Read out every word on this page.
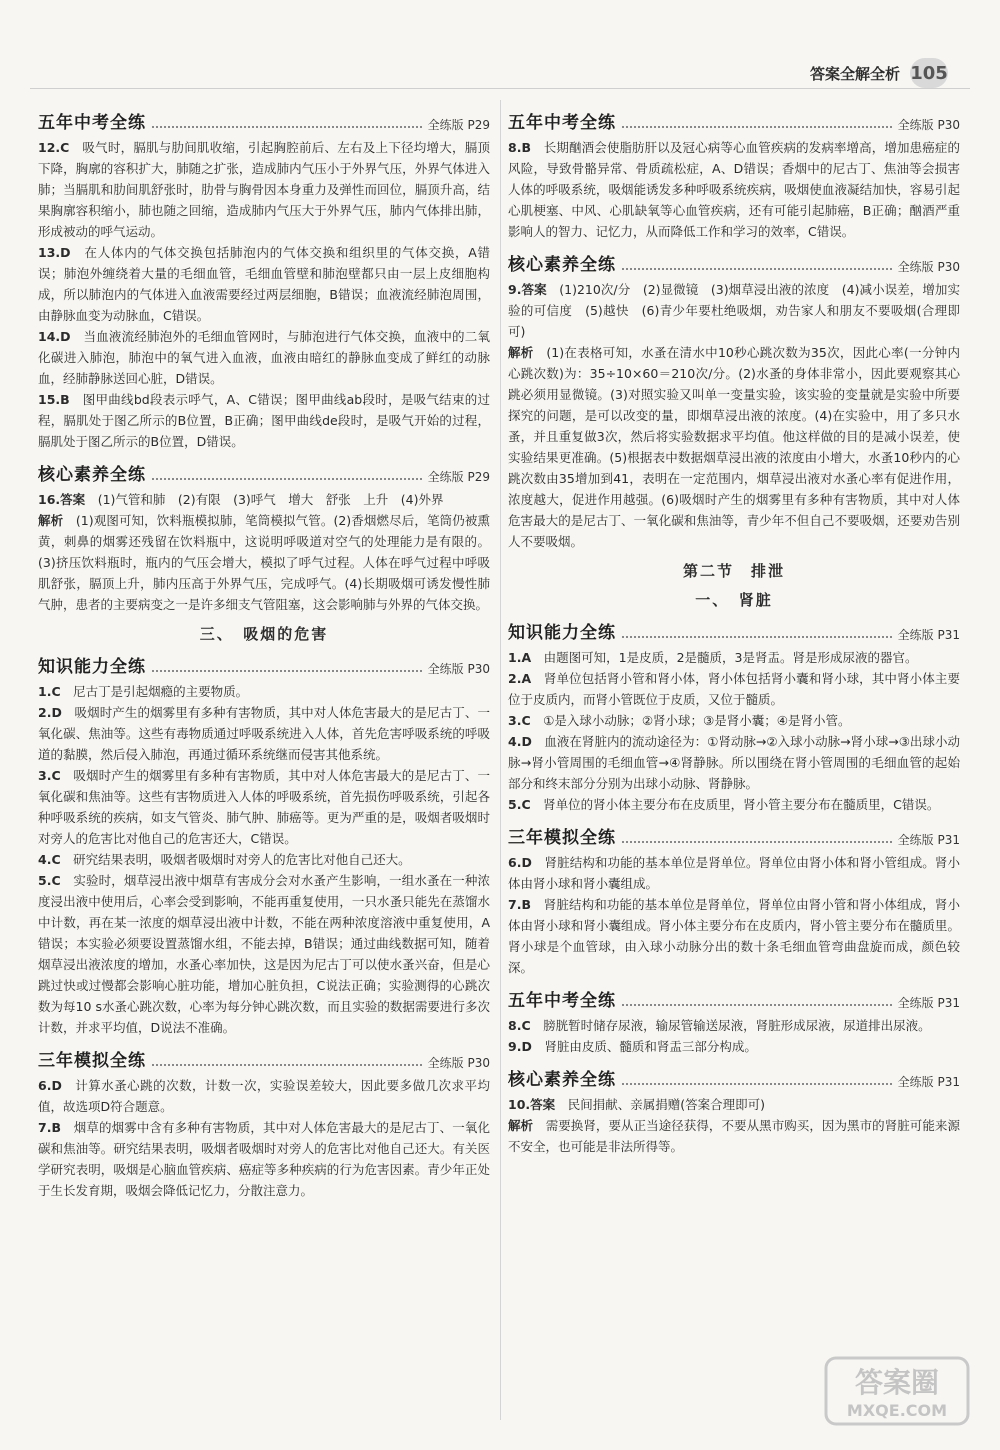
答案全解全析 105
五年中考全练	全练版 P29

12.C　 吸气时，膈肌与肋间肌收缩，引起胸腔前后、左右及上下径均增大，膈顶下降，胸廓的容积扩大，肺随之扩张，造成肺内气压小于外界气压，外界气体进入肺；当膈肌和肋间肌舒张时，肋骨与胸骨因本身重力及弹性而回位，膈顶升高，结果胸廓容积缩小，肺也随之回缩，造成肺内气压大于外界气压，肺内气体排出肺，形成被动的呼气运动。

13.D　 在人体内的气体交换包括肺泡内的气体交换和组织里的气体交换，A错误；肺泡外缠绕着大量的毛细血管，毛细血管壁和肺泡壁都只由一层上皮细胞构成，所以肺泡内的气体进入血液需要经过两层细胞，B错误；血液流经肺泡周围，由静脉血变为动脉血，C错误。

14.D　 当血液流经肺泡外的毛细血管网时，与肺泡进行气体交换，血液中的二氧化碳进入肺泡，肺泡中的氧气进入血液，血液由暗红的静脉血变成了鲜红的动脉血，经肺静脉送回心脏，D错误。

15.B　 图甲曲线bd段表示呼气，A、C错误；图甲曲线ab段时，是吸气结束的过程，膈肌处于图乙所示的B位置，B正确；图甲曲线de段时，是吸气开始的过程，膈肌处于图乙所示的B位置，D错误。

核心素养全练	全练版 P29

16.答案　 (1)气管和肺　(2)有限　(3)呼气　增大　舒张　上升　(4)外界

解析　 (1)观图可知，饮料瓶模拟肺，笔筒模拟气管。(2)香烟燃尽后，笔筒仍被熏黄，刺鼻的烟雾还残留在饮料瓶中，这说明呼吸道对空气的处理能力是有限的。(3)挤压饮料瓶时，瓶内的气压会增大，模拟了呼气过程。人体在呼气过程中呼吸肌舒张，膈顶上升，肺内压高于外界气压，完成呼气。(4)长期吸烟可诱发慢性肺气肿，患者的主要病变之一是许多细支气管阻塞，这会影响肺与外界的气体交换。

三、　吸烟的危害
知识能力全练	全练版 P30

1.C　 尼古丁是引起烟瘾的主要物质。

2.D　 吸烟时产生的烟雾里有多种有害物质，其中对人体危害最大的是尼古丁、一氧化碳、焦油等。这些有毒物质通过呼吸系统进入人体，首先危害呼吸系统的呼吸道的黏膜，然后侵入肺泡，再通过循环系统继而侵害其他系统。

3.C　 吸烟时产生的烟雾里有多种有害物质，其中对人体危害最大的是尼古丁、一氧化碳和焦油等。这些有害物质进入人体的呼吸系统，首先损伤呼吸系统，引起各种呼吸系统的疾病，如支气管炎、肺气肿、肺癌等。更为严重的是，吸烟者吸烟时对旁人的危害比对他自己的危害还大，C错误。

4.C　 研究结果表明，吸烟者吸烟时对旁人的危害比对他自己还大。

5.C　 实验时，烟草浸出液中烟草有害成分会对水蚤产生影响，一组水蚤在一种浓度浸出液中使用后，心率会受到影响，不能再重复使用，一只水蚤只能先在蒸馏水中计数，再在某一浓度的烟草浸出液中计数，不能在两种浓度溶液中重复使用，A错误；本实验必须要设置蒸馏水组，不能去掉，B错误；通过曲线数据可知，随着烟草浸出液浓度的增加，水蚤心率加快，这是因为尼古丁可以使水蚤兴奋，但是心跳过快或过慢都会影响心脏功能，增加心脏负担，C说法正确；实验测得的心跳次数为每10 s水蚤心跳次数，心率为每分钟心跳次数，而且实验的数据需要进行多次计数，并求平均值，D说法不准确。

三年模拟全练	全练版 P30

6.D　 计算水蚤心跳的次数，计数一次，实验误差较大，因此要多做几次求平均值，故选项D符合题意。

7.B　 烟草的烟雾中含有多种有害物质，其中对人体危害最大的是尼古丁、一氧化碳和焦油等。研究结果表明，吸烟者吸烟时对旁人的危害比对他自己还大。有关医学研究表明，吸烟是心脑血管疾病、癌症等多种疾病的行为危害因素。青少年正处于生长发育期，吸烟会降低记忆力，分散注意力。

五年中考全练	全练版 P30

8.B　 长期酗酒会使脂肪肝以及冠心病等心血管疾病的发病率增高，增加患癌症的风险，导致骨骼异常、骨质疏松症，A、D错误；香烟中的尼古丁、焦油等会损害人体的呼吸系统，吸烟能诱发多种呼吸系统疾病，吸烟使血液凝结加快，容易引起心肌梗塞、中风、心肌缺氧等心血管疾病，还有可能引起肺癌，B正确；酗酒严重影响人的智力、记忆力，从而降低工作和学习的效率，C错误。

核心素养全练	全练版 P30

9.答案　 (1)210次/分　(2)显微镜　(3)烟草浸出液的浓度　(4)减小误差，增加实验的可信度　(5)越快　(6)青少年要杜绝吸烟，劝告家人和朋友不要吸烟(合理即可)

解析　 (1)在表格可知，水蚤在清水中10秒心跳次数为35次，因此心率(一分钟内心跳次数)为：35÷10×60＝210次/分。(2)水蚤的身体非常小，因此要观察其心跳必须用显微镜。(3)对照实验又叫单一变量实验，该实验的变量就是实验中所要探究的问题，是可以改变的量，即烟草浸出液的浓度。(4)在实验中，用了多只水蚤，并且重复做3次，然后将实验数据求平均值。他这样做的目的是减小误差，使实验结果更准确。(5)根据表中数据烟草浸出液的浓度由小增大，水蚤10秒内的心跳次数由35增加到41，表明在一定范围内，烟草浸出液对水蚤心率有促进作用，浓度越大，促进作用越强。(6)吸烟时产生的烟雾里有多种有害物质，其中对人体危害最大的是尼古丁、一氧化碳和焦油等，青少年不但自己不要吸烟，还要劝告别人不要吸烟。

第二节　排泄
一、　肾脏
知识能力全练	全练版 P31

1.A　 由题图可知，1是皮质，2是髓质，3是肾盂。肾是形成尿液的器官。

2.A　 肾单位包括肾小管和肾小体，肾小体包括肾小囊和肾小球，其中肾小体主要位于皮质内，而肾小管既位于皮质，又位于髓质。

3.C　 ①是入球小动脉；②肾小球；③是肾小囊；④是肾小管。

4.D　 血液在肾脏内的流动途径为：①肾动脉→②入球小动脉→肾小球→③出球小动脉→肾小管周围的毛细血管→④肾静脉。所以围绕在肾小管周围的毛细血管的起始部分和终末部分分别为出球小动脉、肾静脉。

5.C　 肾单位的肾小体主要分布在皮质里，肾小管主要分布在髓质里，C错误。

三年模拟全练	全练版 P31

6.D　 肾脏结构和功能的基本单位是肾单位。肾单位由肾小体和肾小管组成。肾小体由肾小球和肾小囊组成。

7.B　 肾脏结构和功能的基本单位是肾单位，肾单位由肾小管和肾小体组成，肾小体由肾小球和肾小囊组成。肾小体主要分布在皮质内，肾小管主要分布在髓质里。肾小球是个血管球，由入球小动脉分出的数十条毛细血管弯曲盘旋而成，颜色较深。

五年中考全练	全练版 P31

8.C　 膀胱暂时储存尿液，输尿管输送尿液，肾脏形成尿液，尿道排出尿液。

9.D　 肾脏由皮质、髓质和肾盂三部分构成。

核心素养全练	全练版 P31

10.答案　 民间捐献、亲属捐赠(答案合理即可)

解析　 需要换肾，要从正当途径获得，不要从黑市购买，因为黑市的肾脏可能来源不安全，也可能是非法所得等。

答案圈
MXQE.COM
